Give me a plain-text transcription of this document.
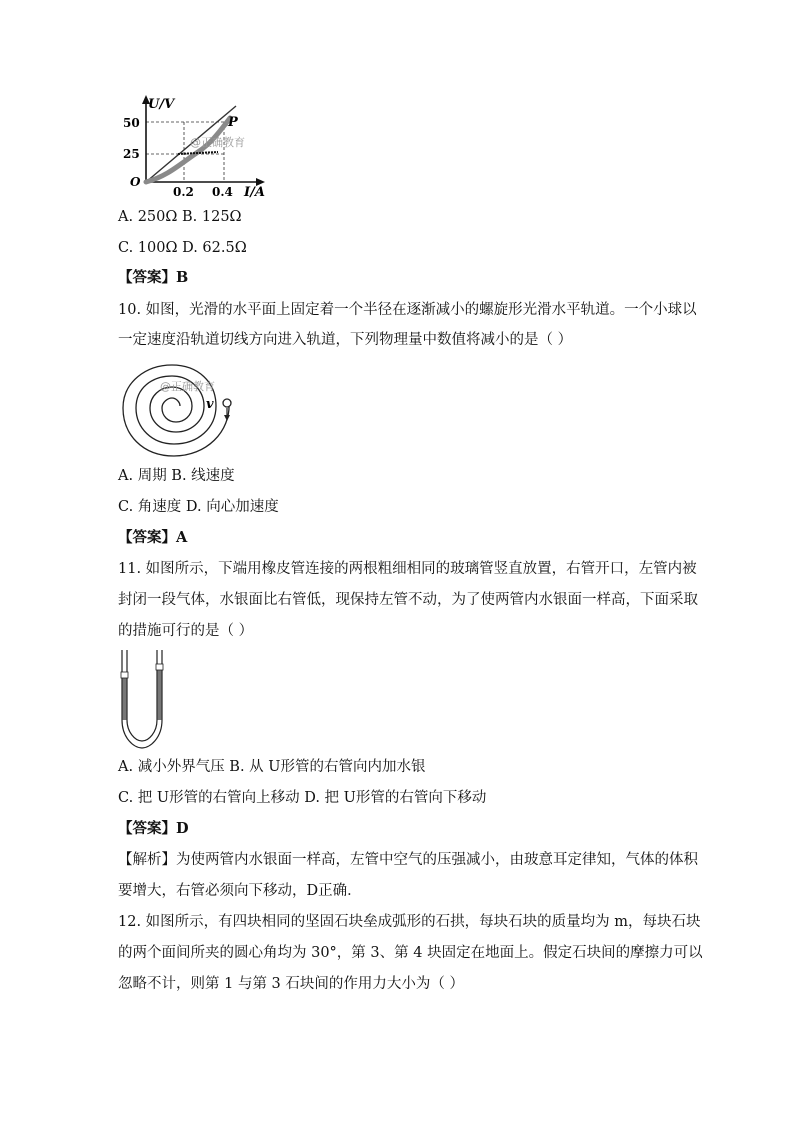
U/V
50
25
O
0.2 0.4 I/A
P
@正确教育
A. 250Ω B. 125Ω
C. 100Ω D. 62.5Ω
【答案】B
10. 如图，光滑的水平面上固定着一个半径在逐渐减小的螺旋形光滑水平轨道。一个小球以
一定速度沿轨道切线方向进入轨道，下列物理量中数值将减小的是（ ）
@正确教育
v
A. 周期 B. 线速度
C. 角速度 D. 向心加速度
【答案】A
11. 如图所示，下端用橡皮管连接的两根粗细相同的玻璃管竖直放置，右管开口，左管内被
封闭一段气体，水银面比右管低，现保持左管不动，为了使两管内水银面一样高，下面采取
的措施可行的是（ ）
A. 减小外界气压 B. 从 U形管的右管向内加水银
C. 把 U形管的右管向上移动 D. 把 U形管的右管向下移动
【答案】D
【解析】为使两管内水银面一样高，左管中空气的压强减小，由玻意耳定律知，气体的体积
要增大，右管必须向下移动，D正确．
12. 如图所示，有四块相同的坚固石块垒成弧形的石拱，每块石块的质量均为 m，每块石块
的两个面间所夹的圆心角均为 30°，第 3、第 4 块固定在地面上。假定石块间的摩擦力可以
忽略不计，则第 1 与第 3 石块间的作用力大小为（ ）
